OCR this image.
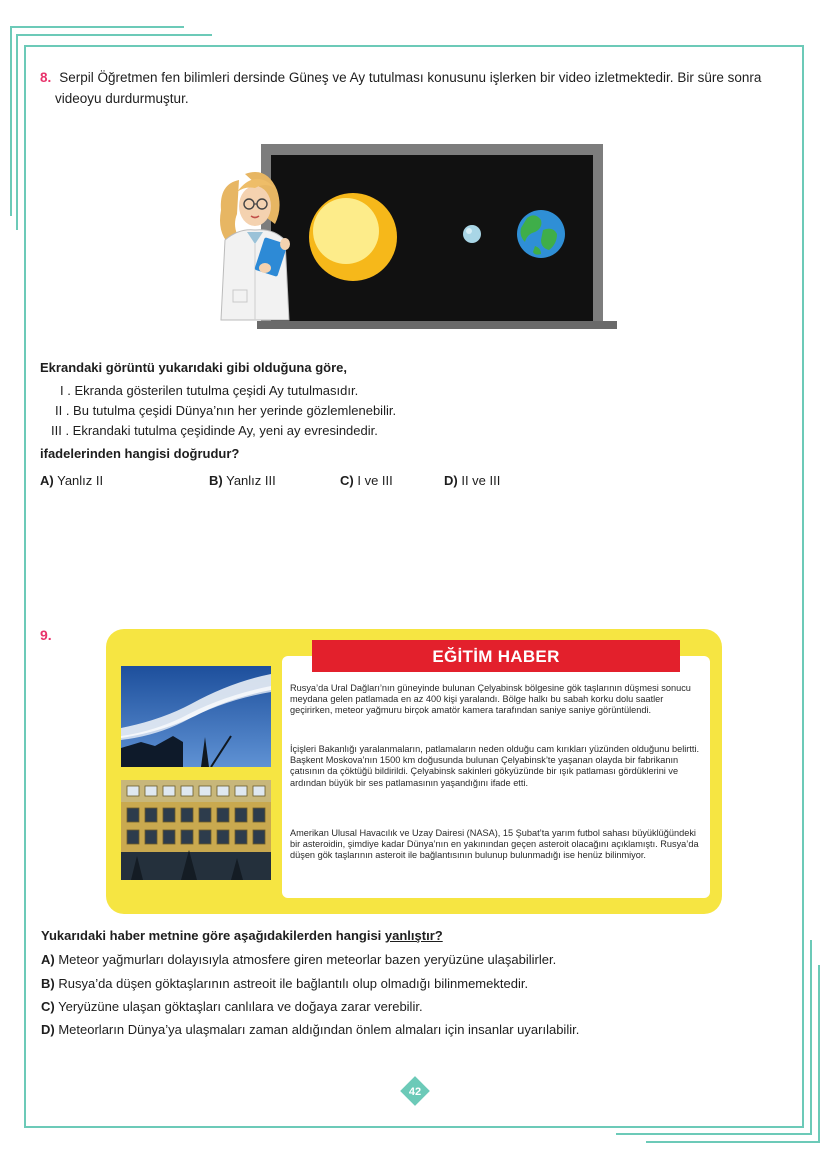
8. Serpil Öğretmen fen bilimleri dersinde Güneş ve Ay tutulması konusunu işlerken bir video izletmektedir. Bir süre sonra
videoyu durdurmuştur.
Ekrandaki görüntü yukarıdaki gibi olduğuna göre,
I . Ekranda gösterilen tutulma çeşidi Ay tutulmasıdır.
II . Bu tutulma çeşidi Dünya’nın her yerinde gözlemlenebilir.
III . Ekrandaki tutulma çeşidinde Ay, yeni ay evresindedir.
ifadelerinden hangisi doğrudur?
A) Yanlız II	B) Yanlız III	C) I ve III	D) II ve III
9.
EĞİTİM HABER
Rusya’da Ural Dağları’nın güneyinde bulunan Çelyabinsk bölgesine gök taşlarının düşmesi sonucu meydana gelen patlamada en az 400 kişi yaralandı. Bölge halkı bu sabah korku dolu saatler geçirirken, meteor yağmuru birçok amatör kamera tarafından saniye saniye görüntülendi.
İçişleri Bakanlığı yaralanmaların, patlamaların neden olduğu cam kırıkları yüzünden olduğunu belirtti. Başkent Moskova’nın 1500 km doğusunda bulunan Çelyabinsk’te yaşanan olayda bir fabrikanın çatısının da çöktüğü bildirildi. Çelyabinsk sakinleri gökyüzünde bir ışık patlaması gördüklerini ve ardından büyük bir ses patlamasının yaşandığını ifade etti.
Amerikan Ulusal Havacılık ve Uzay Dairesi (NASA), 15 Şubat’ta yarım futbol sahası büyüklüğündeki bir asteroidin, şimdiye kadar Dünya’nın en yakınından geçen asteroit olacağını açıklamıştı. Rusya’da düşen gök taşlarının asteroit ile bağlantısının bulunup bulunmadığı ise henüz bilinmiyor.
Yukarıdaki haber metnine göre aşağıdakilerden hangisi yanlıştır?
A) Meteor yağmurları dolayısıyla atmosfere giren meteorlar bazen yeryüzüne ulaşabilirler.
B) Rusya’da düşen göktaşlarının astreoit ile bağlantılı olup olmadığı bilinmemektedir.
C) Yeryüzüne ulaşan göktaşları canlılara ve doğaya zarar verebilir.
D) Meteorların Dünya’ya ulaşmaları zaman aldığından önlem almaları için insanlar uyarılabilir.
42
